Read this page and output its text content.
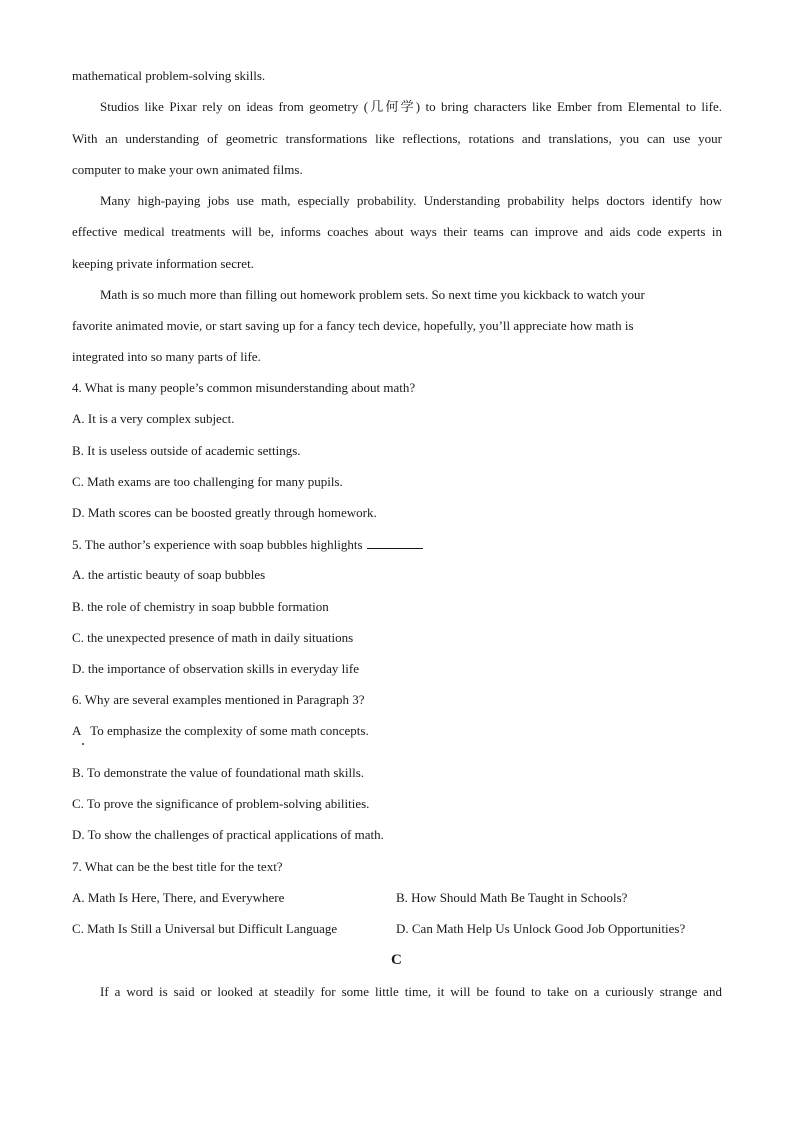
mathematical problem-solving skills.
Studios like Pixar rely on ideas from geometry (几何学) to bring characters like Ember from Elemental to life.
With an understanding of geometric transformations like reflections, rotations and translations, you can use your
computer to make your own animated films.
Many high-paying jobs use math, especially probability. Understanding probability helps doctors identify how
effective medical treatments will be, informs coaches about ways their teams can improve and aids code experts in
keeping private information secret.
Math is so much more than filling out homework problem sets. So next time you kickback to watch your
favorite animated movie, or start saving up for a fancy tech device, hopefully, you’ll appreciate how math is
integrated into so many parts of life.
4. What is many people’s common misunderstanding about math?
A. It is a very complex subject.
B. It is useless outside of academic settings.
C. Math exams are too challenging for many pupils.
D. Math scores can be boosted greatly through homework.
5. The author’s experience with soap bubbles highlights
A. the artistic beauty of soap bubbles
B. the role of chemistry in soap bubble formation
C. the unexpected presence of math in daily situations
D. the importance of observation skills in everyday life
6. Why are several examples mentioned in Paragraph 3?
A   To emphasize the complexity of some math concepts.
B. To demonstrate the value of foundational math skills.
C. To prove the significance of problem-solving abilities.
D. To show the challenges of practical applications of math.
7. What can be the best title for the text?
A. Math Is Here, There, and Everywhere	B. How Should Math Be Taught in Schools?
C. Math Is Still a Universal but Difficult Language	D. Can Math Help Us Unlock Good Job Opportunities?
C
If a word is said or looked at steadily for some little time, it will be found to take on a curiously strange and
